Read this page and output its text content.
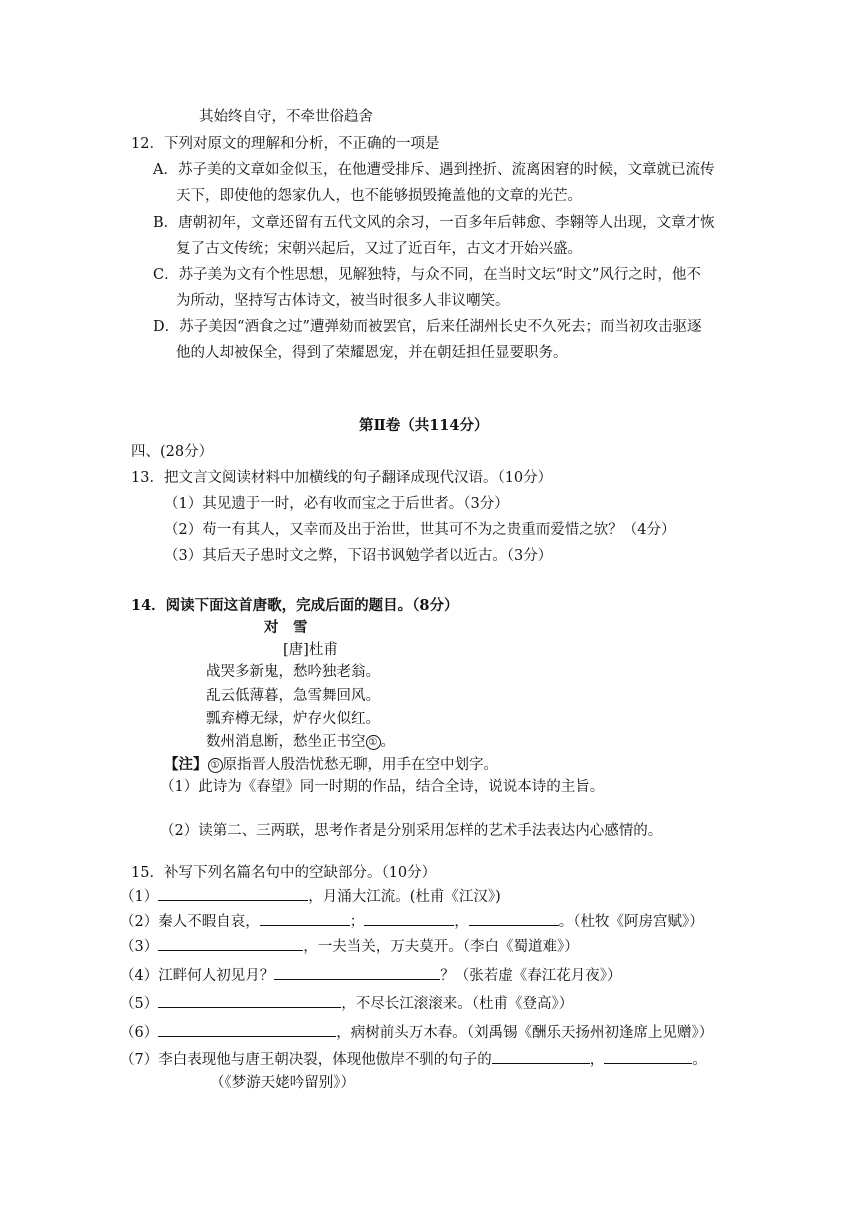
其始终自守，不牵世俗趋舍
12．下列对原文的理解和分析，不正确的一项是
A．苏子美的文章如金似玉，在他遭受排斥、遇到挫折、流离困窘的时候，文章就已流传
天下，即使他的怨家仇人，也不能够损毁掩盖他的文章的光芒。
B．唐朝初年，文章还留有五代文风的余习，一百多年后韩愈、李翱等人出现，文章才恢
复了古文传统；宋朝兴起后，又过了近百年，古文才开始兴盛。
C．苏子美为文有个性思想，见解独特，与众不同，在当时文坛“时文”风行之时，他不
为所动，坚持写古体诗文，被当时很多人非议嘲笑。
D．苏子美因“酒食之过”遭弹劾而被罢官，后来任湖州长史不久死去；而当初攻击驱逐
他的人却被保全，得到了荣耀恩宠，并在朝廷担任显要职务。
第Ⅱ卷（共114分）
四、(28分）
13．把文言文阅读材料中加横线的句子翻译成现代汉语。（10分）
（1）其见遗于一时，必有收而宝之于后世者。（3分）
（2）苟一有其人，又幸而及出于治世，世其可不为之贵重而爱惜之欤？（4分）
（3）其后天子患时文之弊，下诏书讽勉学者以近古。（3分）
14．阅读下面这首唐歌，完成后面的题目。（8分）
对　雪
[唐]杜甫
战哭多新鬼，愁吟独老翁。
乱云低薄暮，急雪舞回风。
瓢弃樽无绿，炉存火似红。
数州消息断，愁坐正书空 ① 。
【注】 ① 原指晋人殷浩忧愁无聊，用手在空中划字。
（1）此诗为《春望》同一时期的作品，结合全诗，说说本诗的主旨。
（2）读第二、三两联，思考作者是分别采用怎样的艺术手法表达内心感情的。
15．补写下列名篇名句中的空缺部分。（10分）
（1）	，月涌大江流。(杜甫《江汉》)
（2）秦人不暇自哀，	；	，	。（杜牧《阿房宫赋》）
（3）	，一夫当关，万夫莫开。（李白《蜀道难》）
（4）江畔何人初见月？	？（张若虚《春江花月夜》）
（5）	，不尽长江滚滚来。（杜甫《登高》）
（6）	，病树前头万木春。（刘禹锡《酬乐天扬州初逢席上见赠》）
（7）李白表现他与唐王朝决裂，体现他傲岸不驯的句子的	，	。
（《梦游天姥吟留别》）
